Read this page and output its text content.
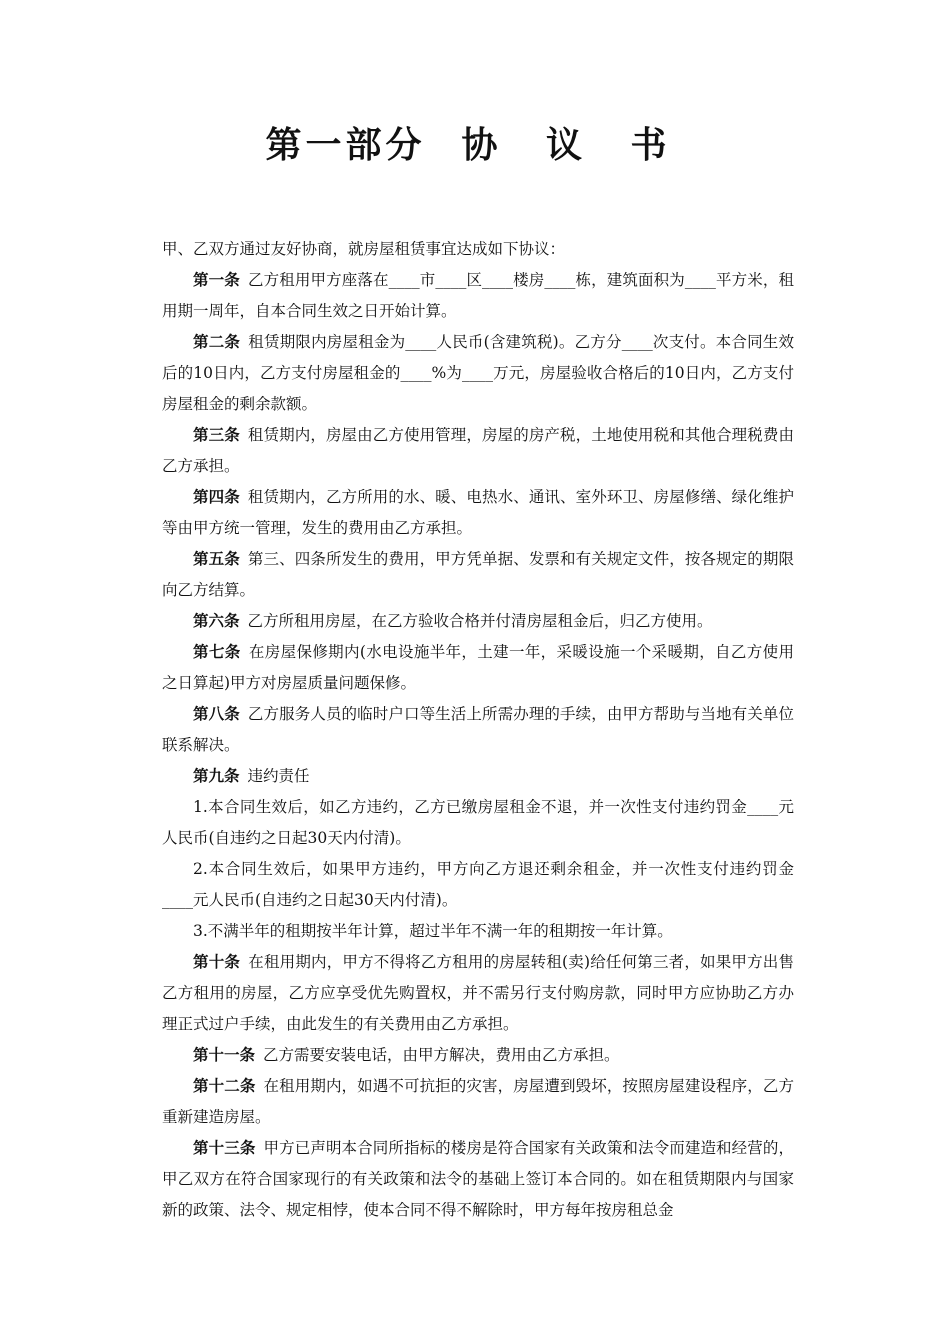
第一部分 协 议 书

甲、乙双方通过友好协商，就房屋租赁事宜达成如下协议：

第一条 乙方租用甲方座落在____市____区____楼房____栋，建筑面积为____平方米，租用期一周年，自本合同生效之日开始计算。

第二条 租赁期限内房屋租金为____人民币(含建筑税)。乙方分____次支付。本合同生效后的10日内，乙方支付房屋租金的____%为____万元，房屋验收合格后的10日内，乙方支付房屋租金的剩余款额。

第三条 租赁期内，房屋由乙方使用管理，房屋的房产税，土地使用税和其他合理税费由乙方承担。

第四条 租赁期内，乙方所用的水、暖、电热水、通讯、室外环卫、房屋修缮、绿化维护等由甲方统一管理，发生的费用由乙方承担。

第五条 第三、四条所发生的费用，甲方凭单据、发票和有关规定文件，按各规定的期限向乙方结算。

第六条 乙方所租用房屋，在乙方验收合格并付清房屋租金后，归乙方使用。

第七条 在房屋保修期内(水电设施半年，土建一年，采暖设施一个采暖期，自乙方使用之日算起)甲方对房屋质量问题保修。

第八条 乙方服务人员的临时户口等生活上所需办理的手续，由甲方帮助与当地有关单位联系解决。

第九条 违约责任

1.本合同生效后，如乙方违约，乙方已缴房屋租金不退，并一次性支付违约罚金____元人民币(自违约之日起30天内付清)。

2.本合同生效后，如果甲方违约，甲方向乙方退还剩余租金，并一次性支付违约罚金____元人民币(自违约之日起30天内付清)。

3.不满半年的租期按半年计算，超过半年不满一年的租期按一年计算。

第十条 在租用期内，甲方不得将乙方租用的房屋转租(卖)给任何第三者，如果甲方出售乙方租用的房屋，乙方应享受优先购置权，并不需另行支付购房款，同时甲方应协助乙方办理正式过户手续，由此发生的有关费用由乙方承担。

第十一条 乙方需要安装电话，由甲方解决，费用由乙方承担。

第十二条 在租用期内，如遇不可抗拒的灾害，房屋遭到毁坏，按照房屋建设程序，乙方重新建造房屋。

第十三条 甲方已声明本合同所指标的楼房是符合国家有关政策和法令而建造和经营的，甲乙双方在符合国家现行的有关政策和法令的基础上签订本合同的。如在租赁期限内与国家新的政策、法令、规定相悖，使本合同不得不解除时，甲方每年按房租总金
